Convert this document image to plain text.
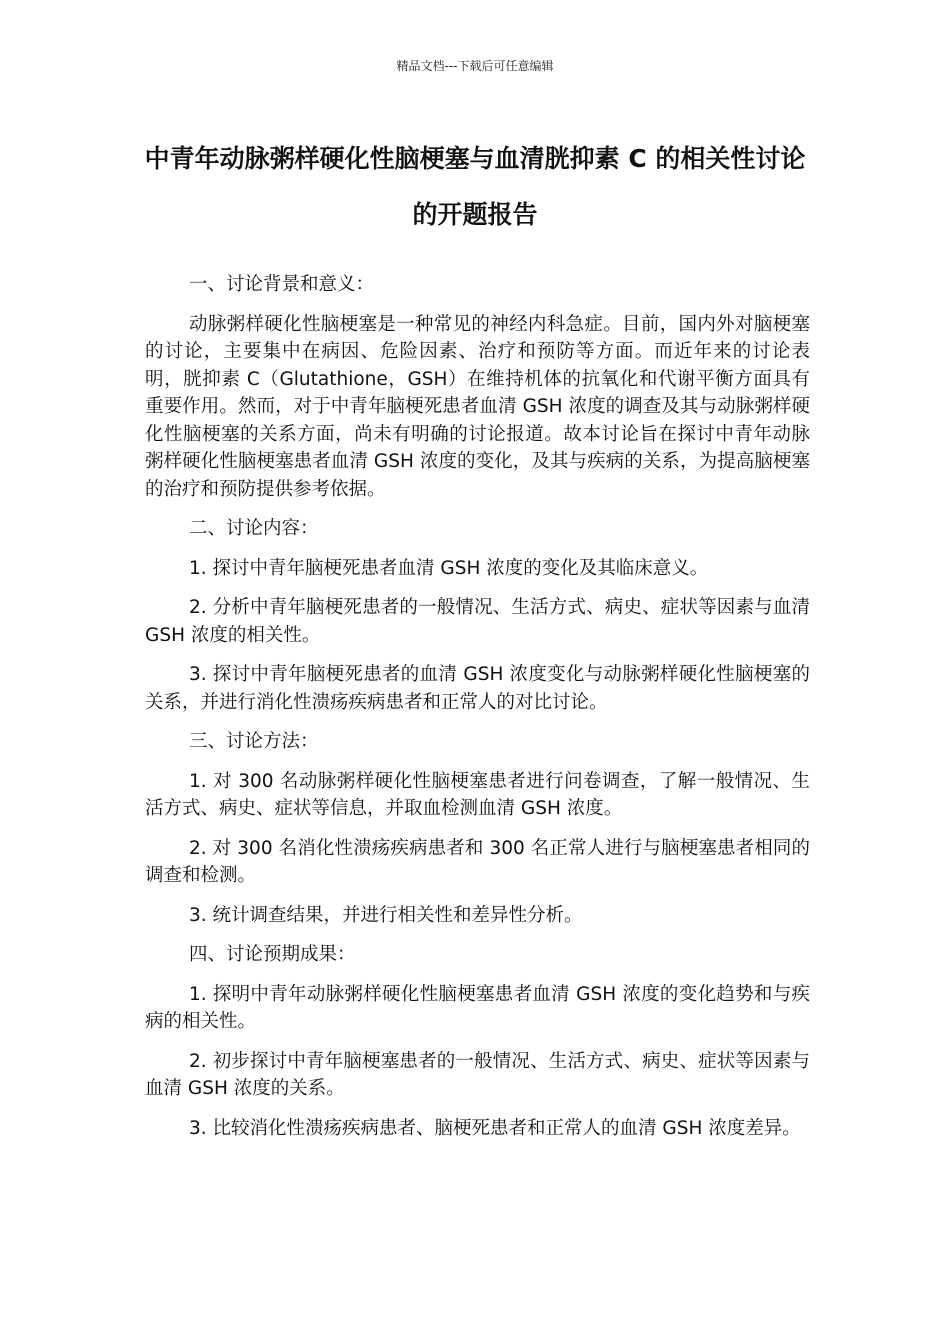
精品文档---下载后可任意编辑
中青年动脉粥样硬化性脑梗塞与血清胱抑素 C 的相关性讨论的开题报告

一、讨论背景和意义：

动脉粥样硬化性脑梗塞是一种常见的神经内科急症。目前，国内外对脑梗塞的讨论，主要集中在病因、危险因素、治疗和预防等方面。而近年来的讨论表明，胱抑素 C（Glutathione，GSH）在维持机体的抗氧化和代谢平衡方面具有重要作用。然而，对于中青年脑梗死患者血清 GSH 浓度的调查及其与动脉粥样硬化性脑梗塞的关系方面，尚未有明确的讨论报道。故本讨论旨在探讨中青年动脉粥样硬化性脑梗塞患者血清 GSH 浓度的变化，及其与疾病的关系，为提高脑梗塞的治疗和预防提供参考依据。

二、讨论内容：

1. 探讨中青年脑梗死患者血清 GSH 浓度的变化及其临床意义。

2. 分析中青年脑梗死患者的一般情况、生活方式、病史、症状等因素与血清 GSH 浓度的相关性。

3. 探讨中青年脑梗死患者的血清 GSH 浓度变化与动脉粥样硬化性脑梗塞的关系，并进行消化性溃疡疾病患者和正常人的对比讨论。

三、讨论方法：

1. 对 300 名动脉粥样硬化性脑梗塞患者进行问卷调查，了解一般情况、生活方式、病史、症状等信息，并取血检测血清 GSH 浓度。

2. 对 300 名消化性溃疡疾病患者和 300 名正常人进行与脑梗塞患者相同的调查和检测。

3. 统计调查结果，并进行相关性和差异性分析。

四、讨论预期成果：

1. 探明中青年动脉粥样硬化性脑梗塞患者血清 GSH 浓度的变化趋势和与疾病的相关性。

2. 初步探讨中青年脑梗塞患者的一般情况、生活方式、病史、症状等因素与血清 GSH 浓度的关系。

3. 比较消化性溃疡疾病患者、脑梗死患者和正常人的血清 GSH 浓度差异。
